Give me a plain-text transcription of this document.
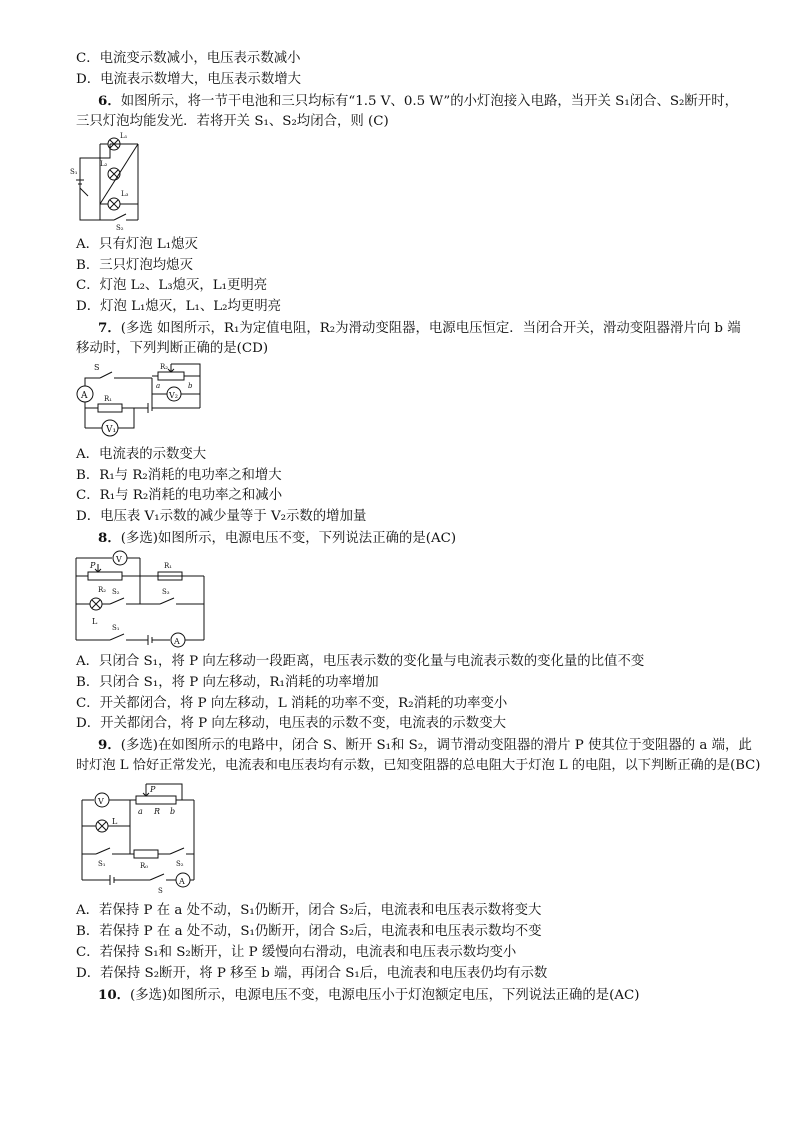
C．电流变示数减小，电压表示数减小
D．电流表示数增大，电压表示数增大
6．如图所示，将一节干电池和三只均标有“1.5 V、0.5 W”的小灯泡接入电路，当开关 S₁闭合、S₂断开时，
三只灯泡均能发光．若将开关 S₁、S₂均闭合，则 (C)
L₁
L₂
L₃
S₁
S₂
A．只有灯泡 L₁熄灭
B．三只灯泡均熄灭
C．灯泡 L₂、L₃熄灭，L₁更明亮
D．灯泡 L₁熄灭，L₁、L₂均更明亮
7．(多选 如图所示，R₁为定值电阻，R₂为滑动变阻器，电源电压恒定．当闭合开关，滑动变阻器滑片向 b 端
移动时，下列判断正确的是(CD)
A	V₂
V₁
S	R₂
a	b
R₁
A．电流表的示数变大
B．R₁与 R₂消耗的电功率之和增大
C．R₁与 R₂消耗的电功率之和减小
D．电压表 V₁示数的减少量等于 V₂示数的增加量
8．(多选)如图所示，电源电压不变，下列说法正确的是(AC)
V
A
P	R₁
R₂ S₂	S₃
L
S₁
A．只闭合 S₁，将 P 向左移动一段距离，电压表示数的变化量与电流表示数的变化量的比值不变
B．只闭合 S₁，将 P 向左移动，R₁消耗的功率增加
C．开关都闭合，将 P 向左移动，L 消耗的功率不变，R₂消耗的功率变小
D．开关都闭合，将 P 向左移动，电压表的示数不变，电流表的示数变大
9．(多选)在如图所示的电路中，闭合 S、断开 S₁和 S₂，调节滑动变阻器的滑片 P 使其位于变阻器的 a 端，此
时灯泡 L 恰好正常发光，电流表和电压表均有示数，已知变阻器的总电阻大于灯泡 L 的电阻，以下判断正确的是(BC)
V
A
P
a R b
L
S₁	R₀	S₂
S
A．若保持 P 在 a 处不动，S₁仍断开，闭合 S₂后，电流表和电压表示数将变大
B．若保持 P 在 a 处不动，S₁仍断开，闭合 S₂后，电流表和电压表示数均不变
C．若保持 S₁和 S₂断开，让 P 缓慢向右滑动，电流表和电压表示数均变小
D．若保持 S₂断开，将 P 移至 b 端，再闭合 S₁后，电流表和电压表仍均有示数
10．(多选)如图所示，电源电压不变，电源电压小于灯泡额定电压，下列说法正确的是(AC)
